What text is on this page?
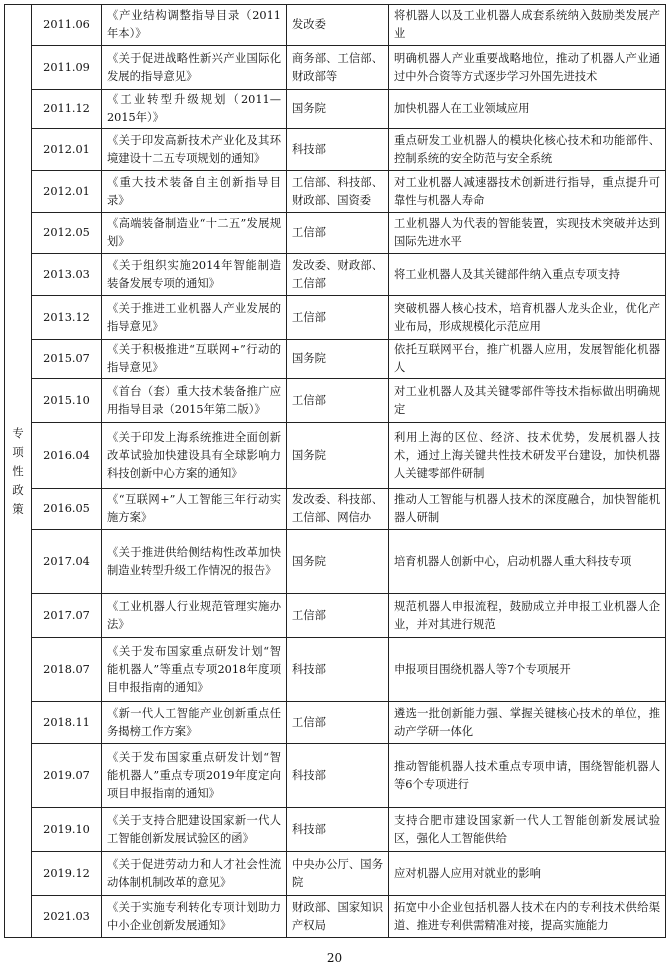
专项性政策	2011.06	《产业结构调整指导目录（2011年本）》	发改委	将机器人以及工业机器人成套系统纳入鼓励类发展产业
	2011.09	《关于促进战略性新兴产业国际化发展的指导意见》	商务部、工信部、财政部等	明确机器人产业重要战略地位，推动了机器人产业通过中外合资等方式逐步学习外国先进技术
	2011.12	《工业转型升级规划（2011—2015年）》	国务院	加快机器人在工业领域应用
	2012.01	《关于印发高新技术产业化及其环境建设十二五专项规划的通知》	科技部	重点研发工业机器人的模块化核心技术和功能部件、控制系统的安全防范与安全系统
	2012.01	《重大技术装备自主创新指导目录》	工信部、科技部、财政部、国资委	对工业机器人减速器技术创新进行指导，重点提升可靠性与机器人寿命
	2012.05	《高端装备制造业“十二五”发展规划》	工信部	工业机器人为代表的智能装置，实现技术突破并达到国际先进水平
	2013.03	《关于组织实施2014年智能制造装备发展专项的通知》	发改委、财政部、工信部	将工业机器人及其关键部件纳入重点专项支持
	2013.12	《关于推进工业机器人产业发展的指导意见》	工信部	突破机器人核心技术，培育机器人龙头企业，优化产业布局，形成规模化示范应用
	2015.07	《关于积极推进“互联网+”行动的指导意见》	国务院	依托互联网平台，推广机器人应用，发展智能化机器人
	2015.10	《首台（套）重大技术装备推广应用指导目录（2015年第二版）》	工信部	对工业机器人及其关键零部件等技术指标做出明确规定
	2016.04	《关于印发上海系统推进全面创新改革试验加快建设具有全球影响力科技创新中心方案的通知》	国务院	利用上海的区位、经济、技术优势，发展机器人技术，通过上海关键共性技术研发平台建设，加快机器人关键零部件研制
	2016.05	《“互联网+”人工智能三年行动实施方案》	发改委、科技部、工信部、网信办	推动人工智能与机器人技术的深度融合，加快智能机器人研制
	2017.04	《关于推进供给侧结构性改革加快制造业转型升级工作情况的报告》	国务院	培育机器人创新中心，启动机器人重大科技专项
	2017.07	《工业机器人行业规范管理实施办法》	工信部	规范机器人申报流程，鼓励成立并申报工业机器人企业，并对其进行规范
	2018.07	《关于发布国家重点研发计划“智能机器人”等重点专项2018年度项目申报指南的通知》	科技部	申报项目围绕机器人等7个专项展开
	2018.11	《新一代人工智能产业创新重点任务揭榜工作方案》	工信部	遴选一批创新能力强、掌握关键核心技术的单位，推动产学研一体化
	2019.07	《关于发布国家重点研发计划“智能机器人”重点专项2019年度定向项目申报指南的通知》	科技部	推动智能机器人技术重点专项申请，围绕智能机器人等6个专项进行
	2019.10	《关于支持合肥建设国家新一代人工智能创新发展试验区的函》	科技部	支持合肥市建设国家新一代人工智能创新发展试验区，强化人工智能供给
	2019.12	《关于促进劳动力和人才社会性流动体制机制改革的意见》	中央办公厅、国务院	应对机器人应用对就业的影响
	2021.03	《关于实施专利转化专项计划助力中小企业创新发展通知》	财政部、国家知识产权局	拓宽中小企业包括机器人技术在内的专利技术供给渠道、推进专利供需精准对接，提高实施能力
20
